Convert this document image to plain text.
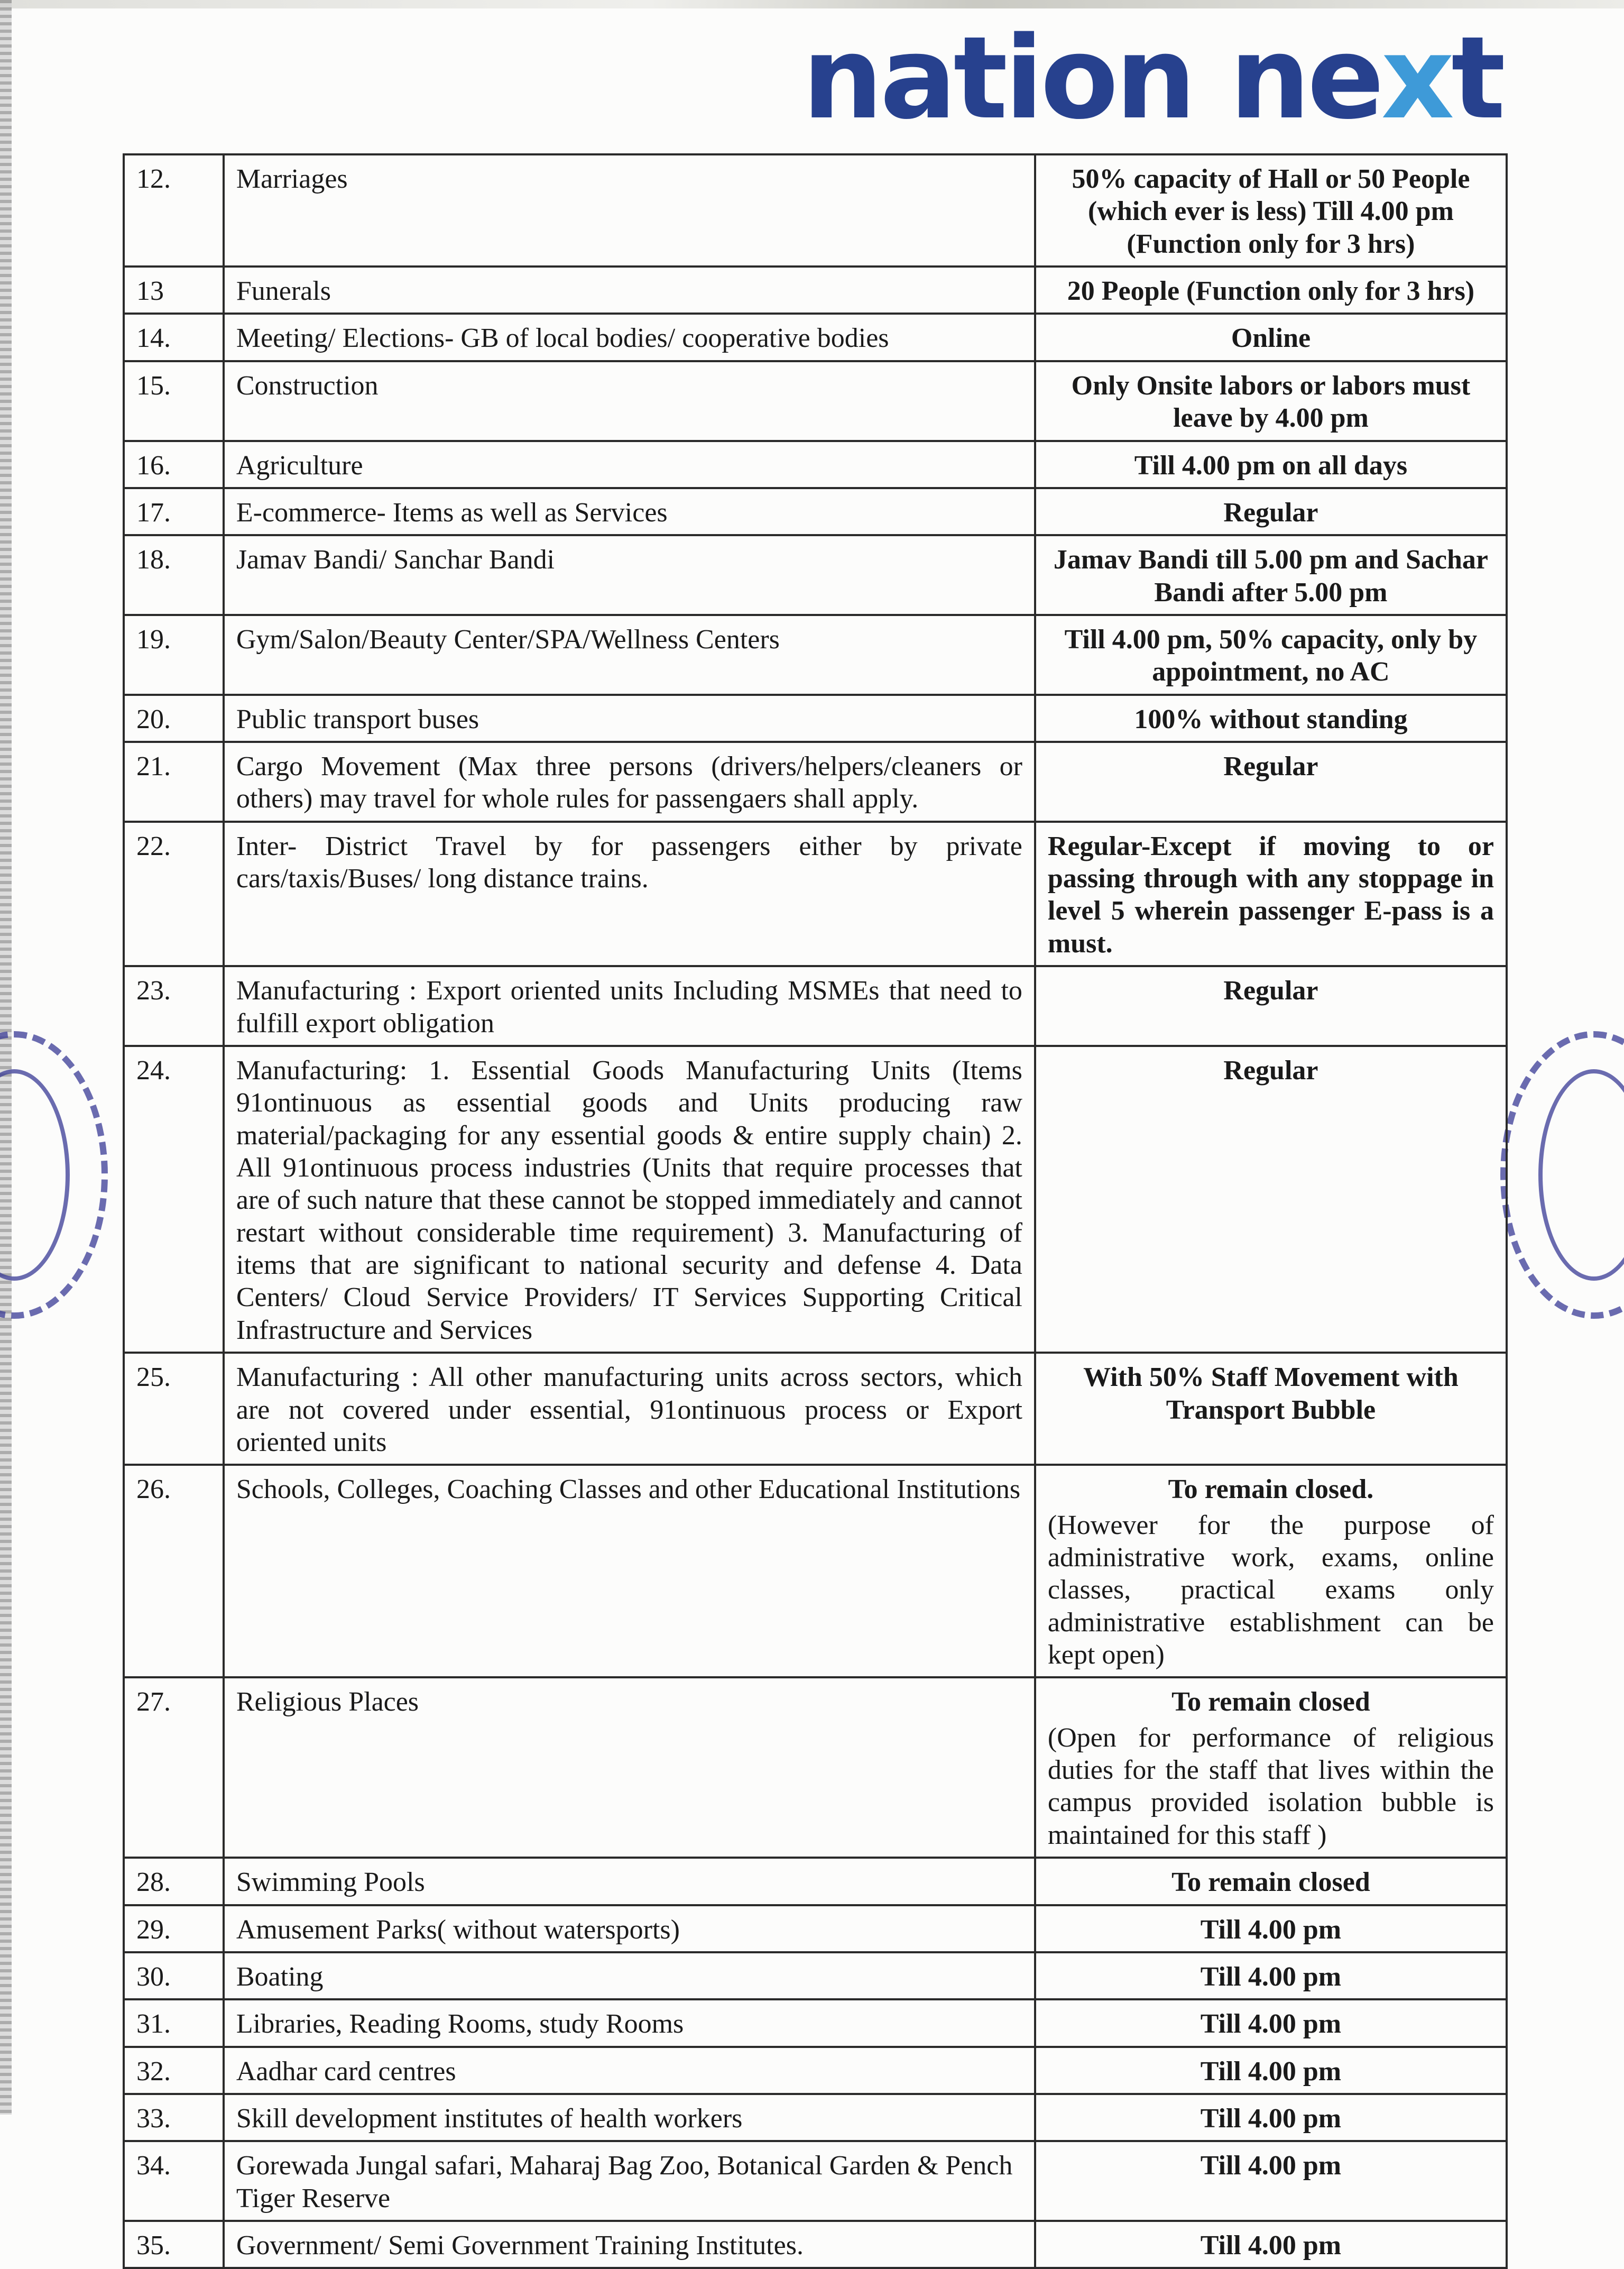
nation next
12.	Marriages	50% capacity of Hall or 50 People (which ever is less) Till 4.00 pm (Function only for 3 hrs)
13	Funerals	20 People (Function only for 3 hrs)
14.	Meeting/ Elections- GB of local bodies/ cooperative bodies	Online
15.	Construction	Only Onsite labors or labors must leave by 4.00 pm
16.	Agriculture	Till 4.00 pm on all days
17.	E-commerce- Items as well as Services	Regular
18.	Jamav Bandi/ Sanchar Bandi	Jamav Bandi till 5.00 pm and Sachar Bandi after 5.00 pm
19.	Gym/Salon/Beauty Center/SPA/Wellness Centers	Till 4.00 pm, 50% capacity, only by appointment, no AC
20.	Public transport buses	100% without standing
21.	Cargo Movement (Max three persons (drivers/helpers/cleaners or others) may travel for whole rules for passengaers shall apply.	Regular
22.	Inter- District Travel by for passengers either by private cars/taxis/Buses/ long distance trains.	Regular-Except if moving to or passing through with any stoppage in level 5 wherein passenger E-pass is a must.
23.	Manufacturing : Export oriented units Including MSMEs that need to fulfill export obligation	Regular
24.	Manufacturing: 1. Essential Goods Manufacturing Units (Items 91ontinuous as essential goods and Units producing raw material/packaging for any essential goods & entire supply chain) 2. All 91ontinuous process industries (Units that require processes that are of such nature that these cannot be stopped immediately and cannot restart without considerable time requirement) 3. Manufacturing of items that are significant to national security and defense 4. Data Centers/ Cloud Service Providers/ IT Services Supporting Critical Infrastructure and Services	Regular
25.	Manufacturing : All other manufacturing units across sectors, which are not covered under essential, 91ontinuous process or Export oriented units	With 50% Staff Movement with Transport Bubble
26.	Schools, Colleges, Coaching Classes and other Educational Institutions	To remain closed.
(However for the purpose of administrative work, exams, online classes, practical exams only administrative establishment can be kept open)

27.	Religious Places	To remain closed
(Open for performance of religious duties for the staff that lives within the campus provided isolation bubble is maintained for this staff )

28.	Swimming Pools	To remain closed
29.	Amusement Parks( without watersports)	Till 4.00 pm
30.	Boating	Till 4.00 pm
31.	Libraries, Reading Rooms, study Rooms	Till 4.00 pm
32.	Aadhar card centres	Till 4.00 pm
33.	Skill development institutes of health workers	Till 4.00 pm
34.	Gorewada Jungal safari, Maharaj Bag Zoo, Botanical Garden & Pench Tiger Reserve	Till 4.00 pm
35.	Government/ Semi Government Training Institutes.	Till 4.00 pm
